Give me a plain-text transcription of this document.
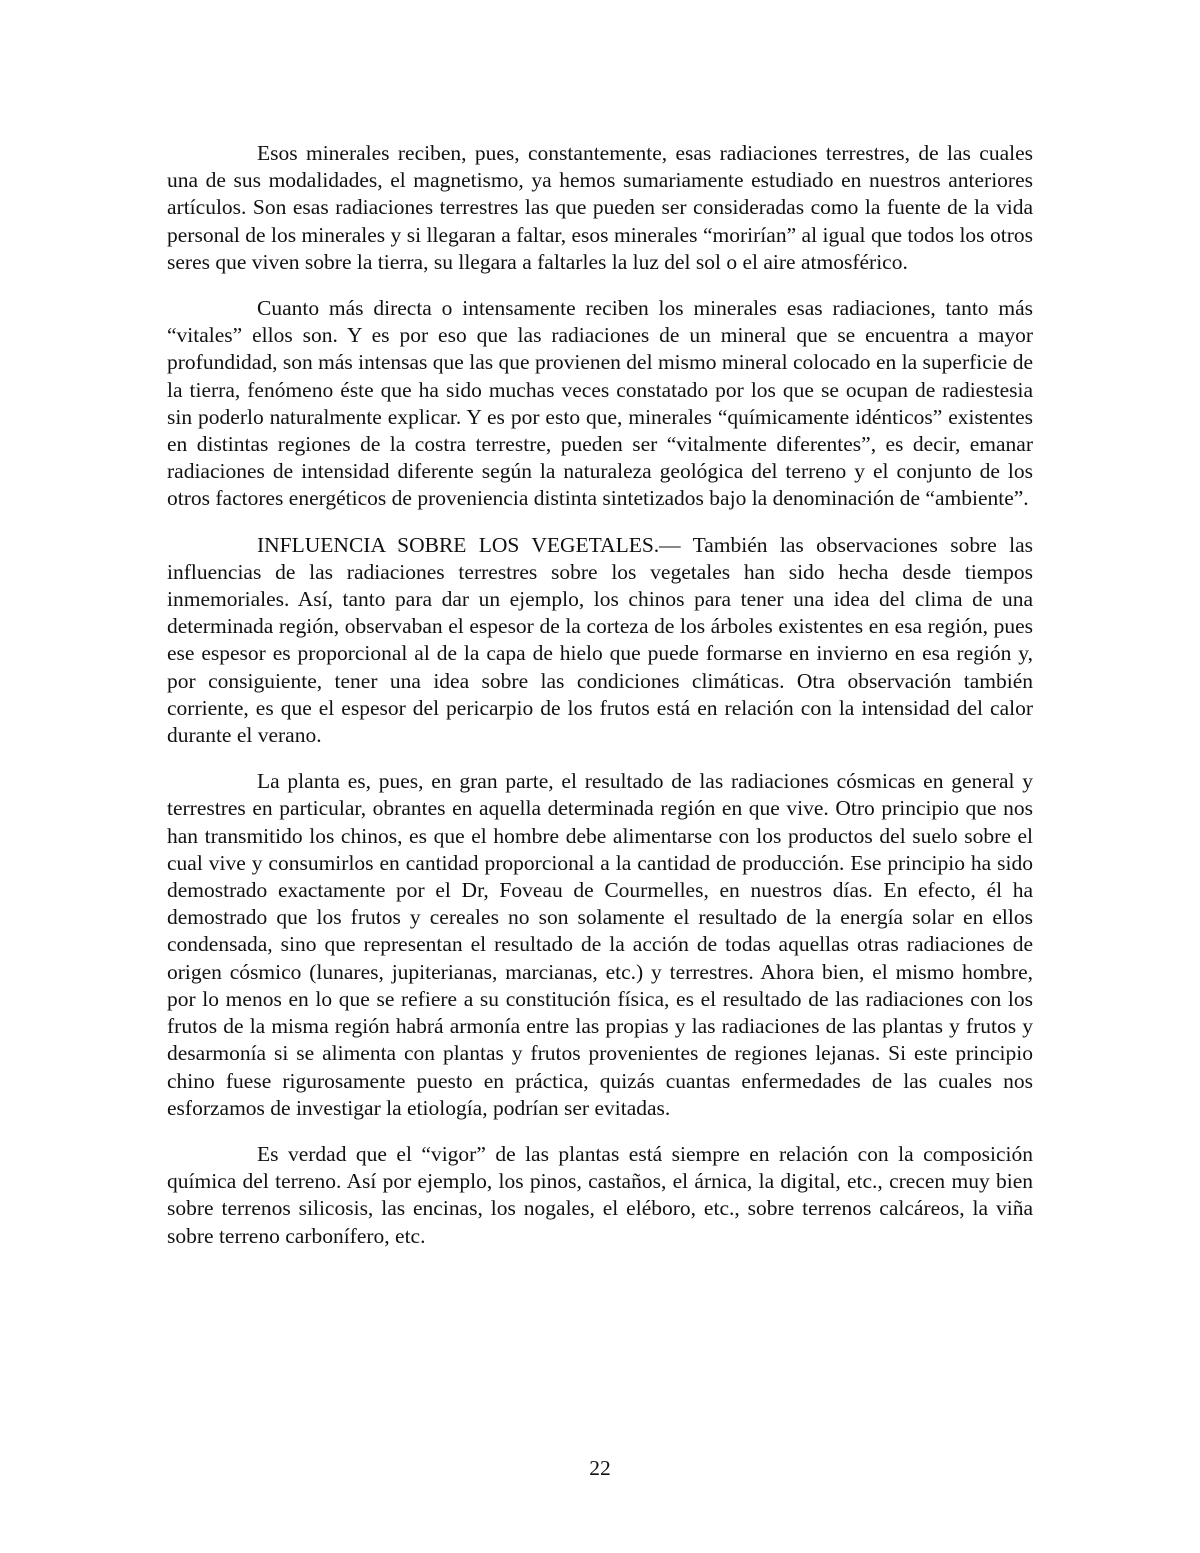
Esos minerales reciben, pues, constantemente, esas radiaciones terrestres, de las cuales una de sus modalidades, el magnetismo, ya hemos sumariamente estudiado en nuestros anteriores artículos. Son esas radiaciones terrestres las que pueden ser consideradas como la fuente de la vida personal de los minerales y si llegaran a faltar, esos minerales “morirían” al igual que todos los otros seres que viven sobre la tierra, su llegara a faltarles la luz del sol o el aire atmosférico.

Cuanto más directa o intensamente reciben los minerales esas radiaciones, tanto más “vitales” ellos son. Y es por eso que las radiaciones de un mineral que se encuentra a mayor profundidad, son más intensas que las que provienen del mismo mineral colocado en la superficie de la tierra, fenómeno éste que ha sido muchas veces constatado por los que se ocupan de radiestesia sin poderlo naturalmente explicar. Y es por esto que, minerales “químicamente idénticos” existentes en distintas regiones de la costra terrestre, pueden ser “vitalmente diferentes”, es decir, emanar radiaciones de intensidad diferente según la naturaleza geológica del terreno y el conjunto de los otros factores energéticos de proveniencia distinta sintetizados bajo la denominación de “ambiente”.

INFLUENCIA SOBRE LOS VEGETALES.— También las observaciones sobre las influencias de las radiaciones terrestres sobre los vegetales han sido hecha desde tiempos inmemoriales. Así, tanto para dar un ejemplo, los chinos para tener una idea del clima de una determinada región, observaban el espesor de la corteza de los árboles existentes en esa región, pues ese espesor es proporcional al de la capa de hielo que puede formarse en invierno en esa región y, por consiguiente, tener una idea sobre las condiciones climáticas. Otra observación también corriente, es que el espesor del pericarpio de los frutos está en relación con la intensidad del calor durante el verano.

La planta es, pues, en gran parte, el resultado de las radiaciones cósmicas en general y terrestres en particular, obrantes en aquella determinada región en que vive. Otro principio que nos han transmitido los chinos, es que el hombre debe alimentarse con los productos del suelo sobre el cual vive y consumirlos en cantidad proporcional a la cantidad de producción. Ese principio ha sido demostrado exactamente por el Dr, Foveau de Courmelles, en nuestros días. En efecto, él ha demostrado que los frutos y cereales no son solamente el resultado de la energía solar en ellos condensada, sino que representan el resultado de la acción de todas aquellas otras radiaciones de origen cósmico (lunares, jupiterianas, marcianas, etc.) y terrestres. Ahora bien, el mismo hombre, por lo menos en lo que se refiere a su constitución física, es el resultado de las radiaciones con los frutos de la misma región habrá armonía entre las propias y las radiaciones de las plantas y frutos y desarmonía si se alimenta con plantas y frutos provenientes de regiones lejanas. Si este principio chino fuese rigurosamente puesto en práctica, quizás cuantas enfermedades de las cuales nos esforzamos de investigar la etiología, podrían ser evitadas.

Es verdad que el “vigor” de las plantas está siempre en relación con la composición química del terreno. Así por ejemplo, los pinos, castaños, el árnica, la digital, etc., crecen muy bien sobre terrenos silicosis, las encinas, los nogales, el eléboro, etc., sobre terrenos calcáreos, la viña sobre terreno carbonífero, etc.

22
